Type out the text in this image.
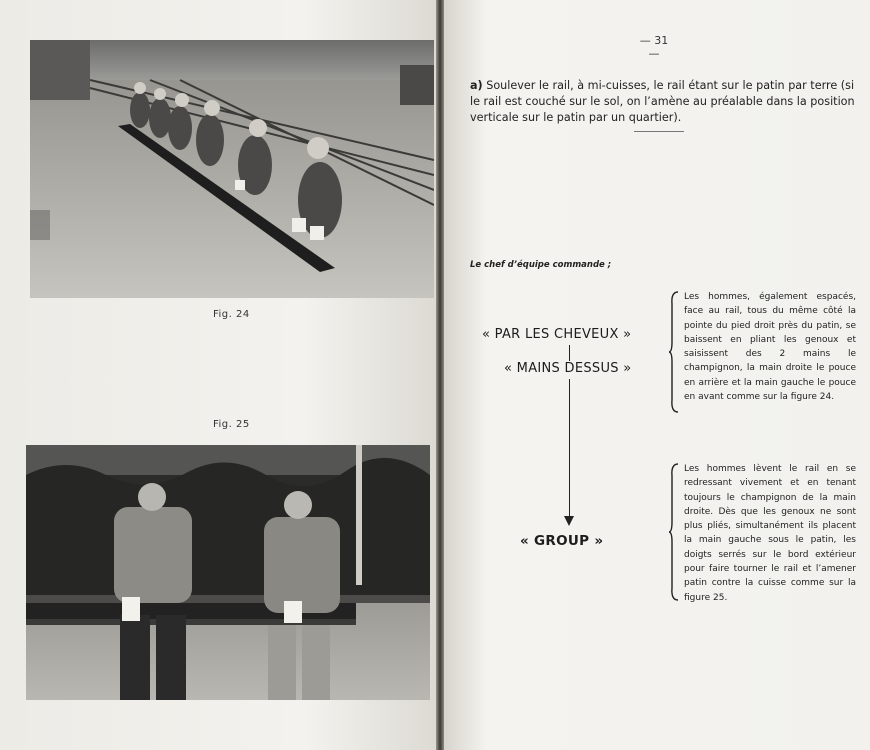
Fig. 24
Fig. 25
— 31 —
a) Soulever le rail, à mi-cuisses, le rail étant sur le patin par terre (si le rail est couché sur le sol, on l’amène au préalable dans la position verticale sur le patin par un quartier).
Le chef d’équipe commande ;
« PAR LES CHEVEUX »
« MAINS DESSUS »
« GROUP »
Les hommes, également espacés, face au rail, tous du même côté la pointe du pied droit près du patin, se baissent en pliant les genoux et saisissent des 2 mains le champignon, la main droite le pouce en arrière et la main gauche le pouce en avant comme sur la figure 24.
Les hommes lèvent le rail en se redressant vivement et en tenant toujours le champignon de la main droite. Dès que les genoux ne sont plus pliés, simultanément ils placent la main gauche sous le patin, les doigts serrés sur le bord extérieur pour faire tourner le rail et l’amener patin contre la cuisse comme sur la figure 25.
